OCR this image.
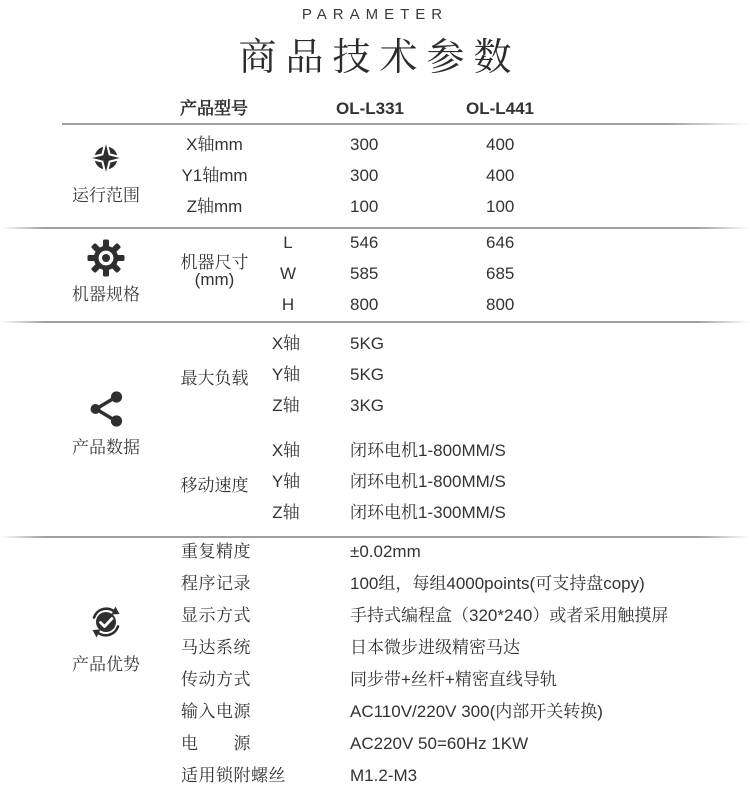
PARAMETER
商品技术参数
产品型号	OL-L331	OL-L441
运行范围
X轴mm	300	400
Y1轴mm	300	400
Z轴mm	100	100
机器规格
机器尺寸
(mm)
L	546	646
W	585	685
H	800	800
产品数据
最大负载
X轴	5KG
Y轴	5KG
Z轴	3KG
移动速度
X轴	闭环电机1-800MM/S
Y轴	闭环电机1-800MM/S
Z轴	闭环电机1-300MM/S
产品优势
重复精度	±0.02mm
程序记录	100组，每组4000points(可支持盘copy)
显示方式	手持式编程盒（320*240）或者采用触摸屏
马达系统	日本微步进级精密马达
传动方式	同步带+丝杆+精密直线导轨
输入电源	AC110V/220V 300(内部开关转换)
电　　源	AC220V 50=60Hz 1KW
适用锁附螺丝	M1.2-M3
